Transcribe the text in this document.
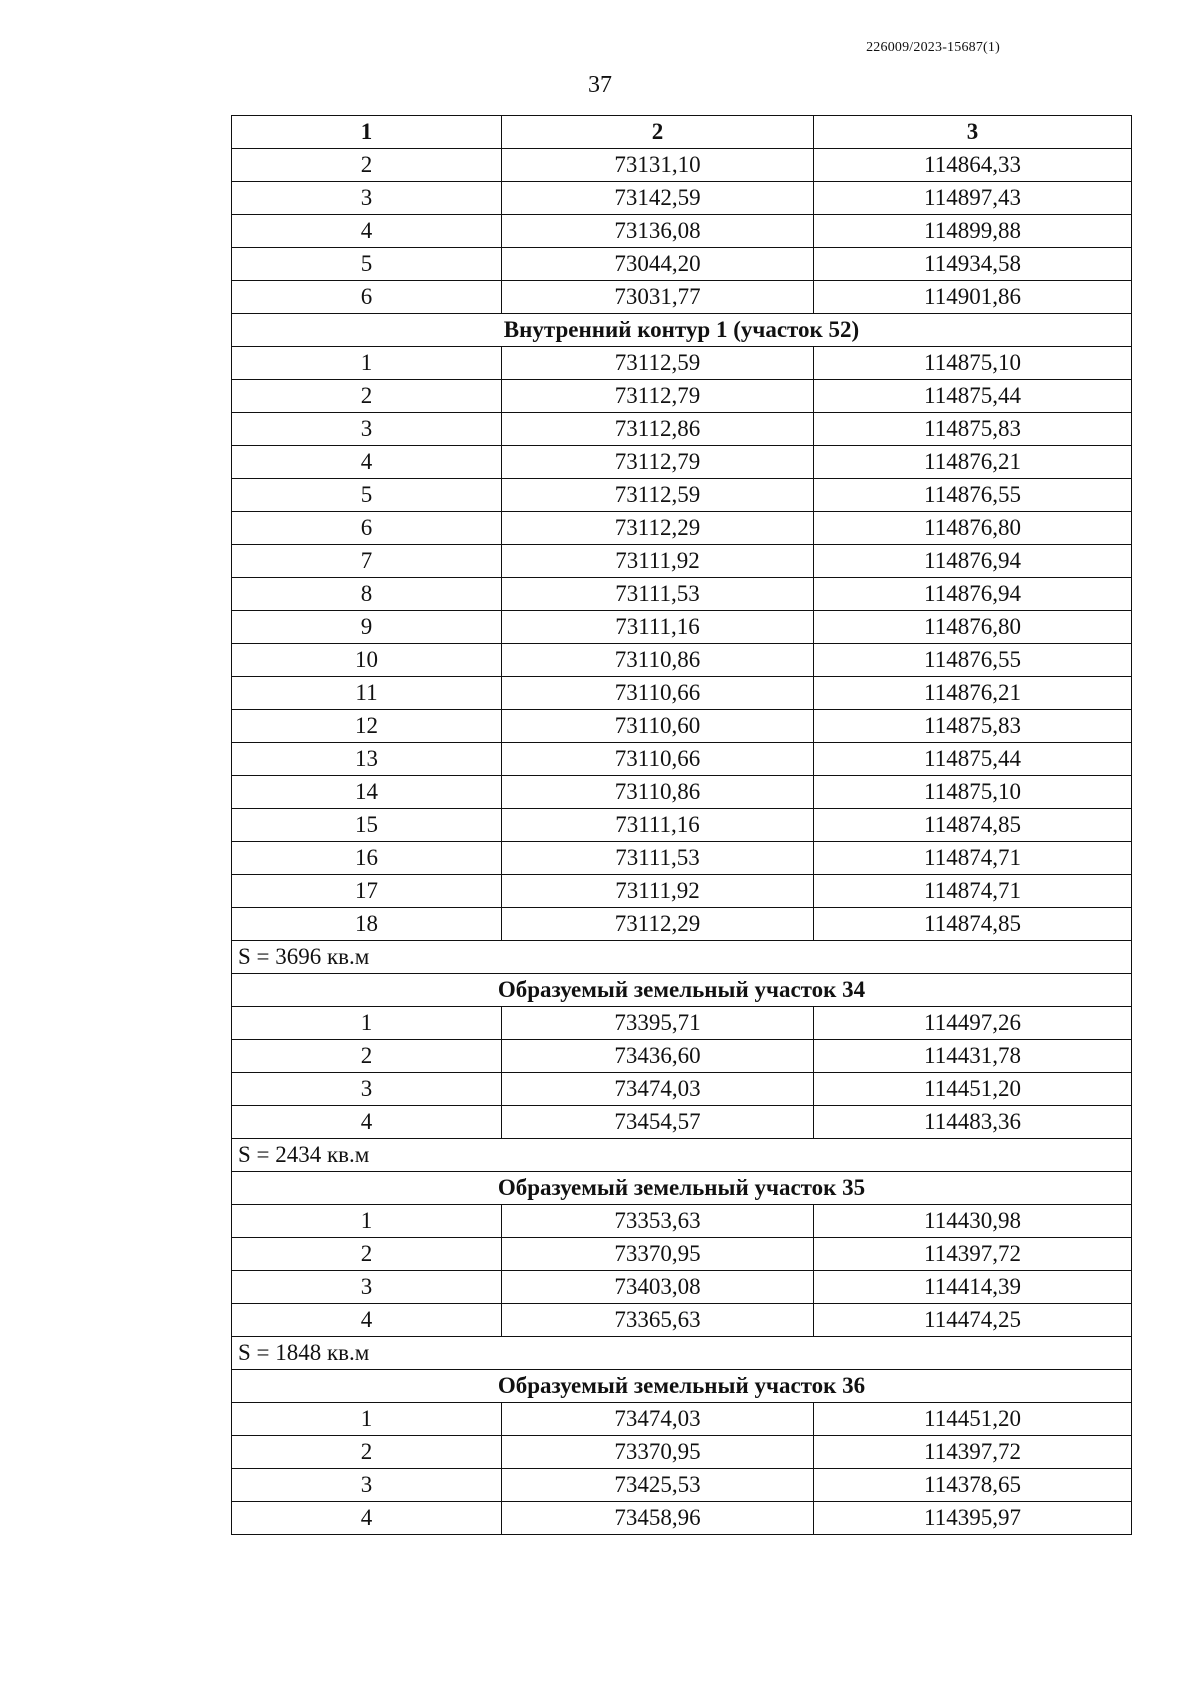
226009/2023-15687(1)
37
1	2	3
2	73131,10	114864,33
3	73142,59	114897,43
4	73136,08	114899,88
5	73044,20	114934,58
6	73031,77	114901,86
Внутренний контур 1 (участок 52)		
1	73112,59	114875,10
2	73112,79	114875,44
3	73112,86	114875,83
4	73112,79	114876,21
5	73112,59	114876,55
6	73112,29	114876,80
7	73111,92	114876,94
8	73111,53	114876,94
9	73111,16	114876,80
10	73110,86	114876,55
11	73110,66	114876,21
12	73110,60	114875,83
13	73110,66	114875,44
14	73110,86	114875,10
15	73111,16	114874,85
16	73111,53	114874,71
17	73111,92	114874,71
18	73112,29	114874,85
S = 3696 кв.м		
Образуемый земельный участок 34		
1	73395,71	114497,26
2	73436,60	114431,78
3	73474,03	114451,20
4	73454,57	114483,36
S = 2434 кв.м		
Образуемый земельный участок 35		
1	73353,63	114430,98
2	73370,95	114397,72
3	73403,08	114414,39
4	73365,63	114474,25
S = 1848 кв.м		
Образуемый земельный участок 36		
1	73474,03	114451,20
2	73370,95	114397,72
3	73425,53	114378,65
4	73458,96	114395,97
